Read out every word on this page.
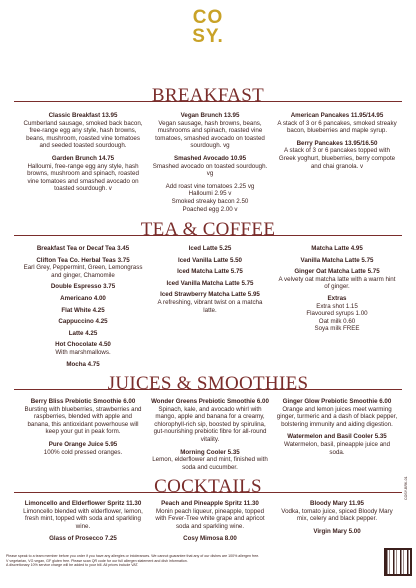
CO
SY.
BREAKFAST
Classic Breakfast 13.95
Cumberland sausage, smoked back bacon, free-range egg any style, hash browns, beans, mushroom, roasted vine tomatoes and seeded toasted sourdough.
Garden Brunch 14.75
Halloumi, free-range egg any style, hash browns, mushroom and spinach, roasted vine tomatoes and smashed avocado on toasted sourdough. v
Vegan Brunch 13.95
Vegan sausage, hash browns, beans, mushrooms and spinach, roasted vine tomatoes, smashed avocado on toasted sourdough. vg
Smashed Avocado 10.95
Smashed avocado on toasted sourdough. vg
Add roast vine tomatoes 2.25 vg
Halloumi 2.95 v
Smoked streaky bacon 2.50
Poached egg 2.00 v
American Pancakes 11.95/14.95
A stack of 3 or 6 pancakes, smoked streaky bacon, blueberries and maple syrup.
Berry Pancakes 13.95/16.50
A stack of 3 or 6 pancakes topped with Greek yoghurt, blueberries, berry compote and chai granola. v
TEA & COFFEE
Breakfast Tea or Decaf Tea 3.45
Clifton Tea Co. Herbal Teas 3.75
Earl Grey, Peppermint, Green, Lemongrass and ginger, Chamomile
Double Espresso 3.75
Americano 4.00
Flat White 4.25
Cappuccino 4.25
Latte 4.25
Hot Chocolate 4.50
With marshmallows.
Mocha 4.75
Iced Latte 5.25
Iced Vanilla Latte 5.50
Iced Matcha Latte 5.75
Iced Vanilla Matcha Latte 5.75
Iced Strawberry Matcha Latte 5.95
A refreshing, vibrant twist on a matcha latte.
Matcha Latte 4.95
Vanilla Matcha Latte 5.75
Ginger Oat Matcha Latte 5.75
A velvety oat matcha latte with a warm hint of ginger.
Extras
Extra shot 1.15
Flavoured syrups 1.00
Oat milk 0.60
Soya milk FREE
JUICES & SMOOTHIES
Berry Bliss Prebiotic Smoothie 6.00
Bursting with blueberries, strawberries and raspberries, blended with apple and banana, this antioxidant powerhouse will keep your gut in peak form.
Pure Orange Juice 5.95
100% cold pressed oranges.
Wonder Greens Prebiotic Smoothie 6.00
Spinach, kale, and avocado whirl with mango, apple and banana for a creamy, chlorophyll-rich sip, boosted by spirulina, gut-nourishing prebiotic fibre for all-round vitality.
Morning Cooler 5.35
Lemon, elderflower and mint, finished with soda and cucumber.
Ginger Glow Prebiotic Smoothie 6.00
Orange and lemon juices meet warming ginger, turmeric and a dash of black pepper, bolstering immunity and aiding digestion.
Watermelon and Basil Cooler 5.35
Watermelon, basil, pineapple juice and soda.
COCKTAILS
Limoncello and Elderflower Spritz 11.30
Limoncello blended with elderflower, lemon, fresh mint, topped with soda and sparkling wine.
Glass of Prosecco 7.25
Peach and Pineapple Spritz 11.30
Monin peach liqueur, pineapple, topped with Fever-Tree white grape and apricot soda and sparkling wine.
Cosy Mimosa 8.00
Bloody Mary 11.95
Vodka, tomato juice, spiced Bloody Mary mix, celery and black pepper.
Virgin Mary 5.00
Please speak to a team member before you order if you have any allergies or intolerances. We cannot guarantee that any of our dishes are 100% allergen free.
V vegetarian, VG vegan, GF gluten free. Please scan QR code for our full allergen statement and dish information.
A discretionary 10% service charge will be added to your bill. All prices include VAT.
COSY-BRK-01
